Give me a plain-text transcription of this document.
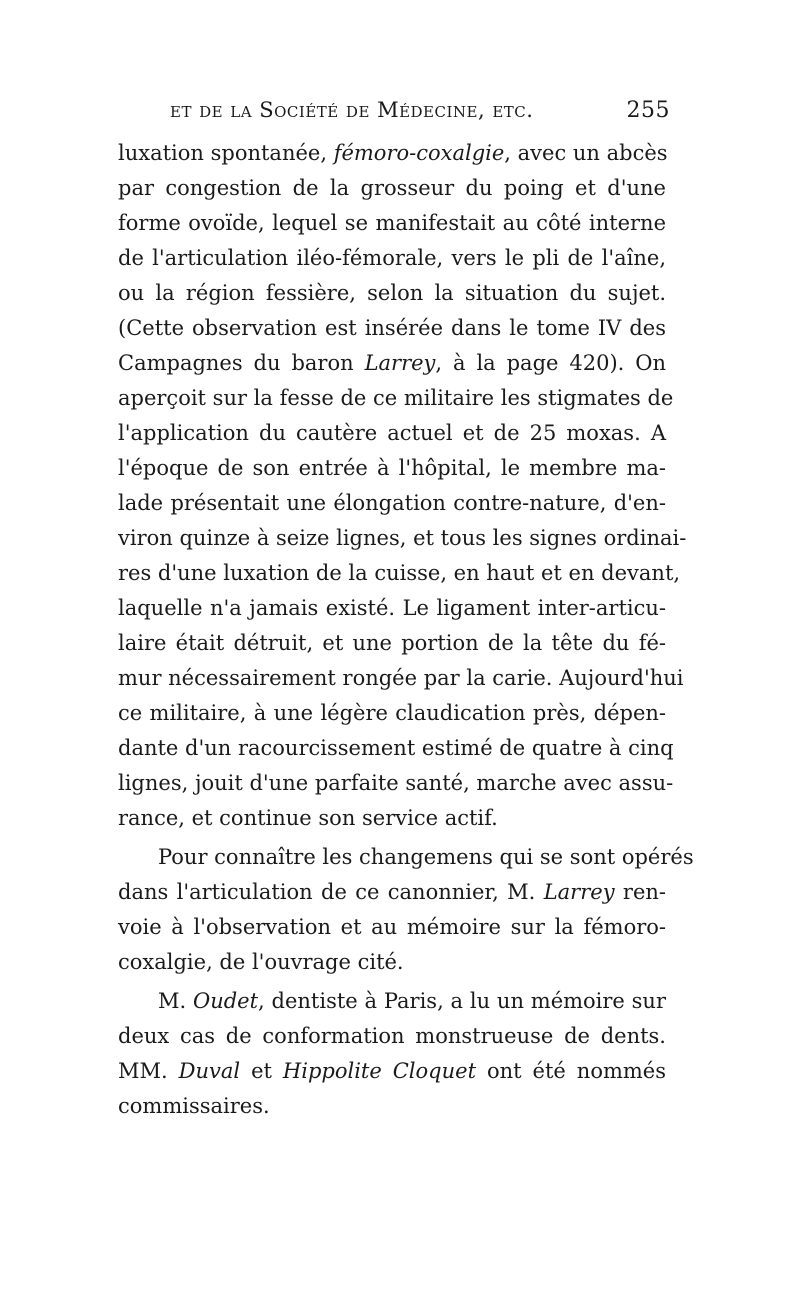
et de la Société de Médecine, etc.	255
luxation spontanée, fémoro-coxalgie, avec un abcès
par congestion de la grosseur du poing et d'une
forme ovoïde, lequel se manifestait au côté interne
de l'articulation iléo-fémorale, vers le pli de l'aîne,
ou la région fessière, selon la situation du sujet.
(Cette observation est insérée dans le tome IV des
Campagnes du baron Larrey, à la page 420). On
aperçoit sur la fesse de ce militaire les stigmates de
l'application du cautère actuel et de 25 moxas. A
l'époque de son entrée à l'hôpital, le membre ma-
lade présentait une élongation contre-nature, d'en-
viron quinze à seize lignes, et tous les signes ordinai-
res d'une luxation de la cuisse, en haut et en devant,
laquelle n'a jamais existé. Le ligament inter-articu-
laire était détruit, et une portion de la tête du fé-
mur nécessairement rongée par la carie. Aujourd'hui
ce militaire, à une légère claudication près, dépen-
dante d'un racourcissement estimé de quatre à cinq
lignes, jouit d'une parfaite santé, marche avec assu-
rance, et continue son service actif.
Pour connaître les changemens qui se sont opérés
dans l'articulation de ce canonnier, M. Larrey ren-
voie à l'observation et au mémoire sur la fémoro-
coxalgie, de l'ouvrage cité.
M. Oudet, dentiste à Paris, a lu un mémoire sur
deux cas de conformation monstrueuse de dents.
MM. Duval et Hippolite Cloquet ont été nommés
commissaires.
